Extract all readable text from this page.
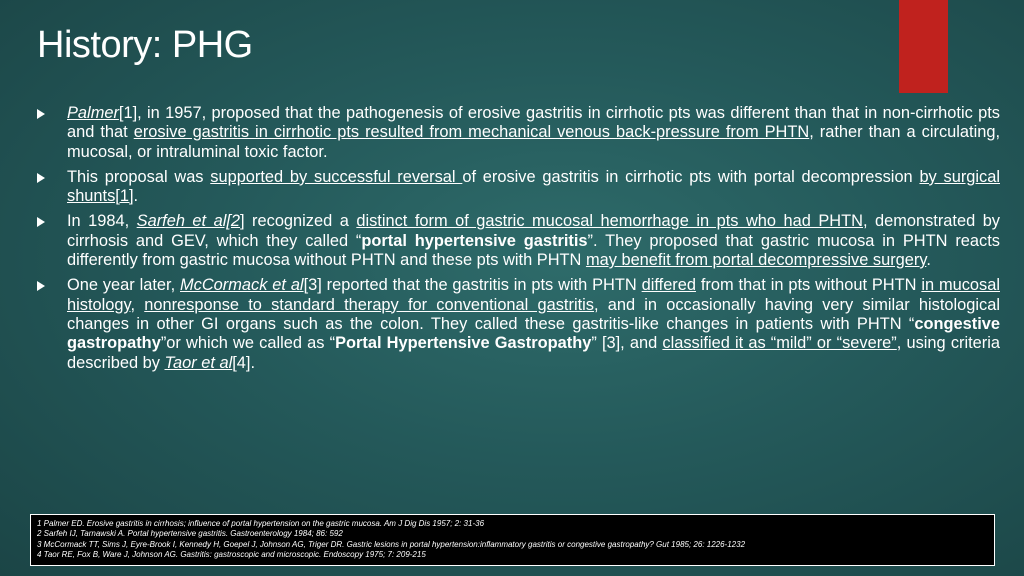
History: PHG
Palmer[1], in 1957, proposed that the pathogenesis of erosive gastritis in cirrhotic pts was different than that in non-cirrhotic pts and that erosive gastritis in cirrhotic pts resulted from mechanical venous back-pressure from PHTN, rather than a circulating, mucosal, or intraluminal toxic factor.
This proposal was supported by successful reversal of erosive gastritis in cirrhotic pts with portal decompression by surgical shunts[1].
In 1984, Sarfeh et al[2] recognized a distinct form of gastric mucosal hemorrhage in pts who had PHTN, demonstrated by cirrhosis and GEV, which they called “portal hypertensive gastritis”. They proposed that gastric mucosa in PHTN reacts differently from gastric mucosa without PHTN and these pts with PHTN may benefit from portal decompressive surgery.
One year later, McCormack et al[3] reported that the gastritis in pts with PHTN differed from that in pts without PHTN in mucosal histology, nonresponse to standard therapy for conventional gastritis, and in occasionally having very similar histological changes in other GI organs such as the colon. They called these gastritis-like changes in patients with PHTN “congestive gastropathy”or which we called as “Portal Hypertensive Gastropathy” [3], and classified it as “mild” or “severe”, using criteria described by Taor et al[4].
1 Palmer ED. Erosive gastritis in cirrhosis; influence of portal hypertension on the gastric mucosa. Am J Dig Dis 1957; 2: 31-36
2 Sarfeh IJ, Tarnawski A. Portal hypertensive gastritis. Gastroenterology 1984; 86: 592
3 McCormack TT, Sims J, Eyre-Brook I, Kennedy H, Goepel J, Johnson AG, Triger DR. Gastric lesions in portal hypertension:inflammatory gastritis or congestive gastropathy? Gut 1985; 26: 1226-1232
4 Taor RE, Fox B, Ware J, Johnson AG. Gastritis: gastroscopic and microscopic. Endoscopy 1975; 7: 209-215
